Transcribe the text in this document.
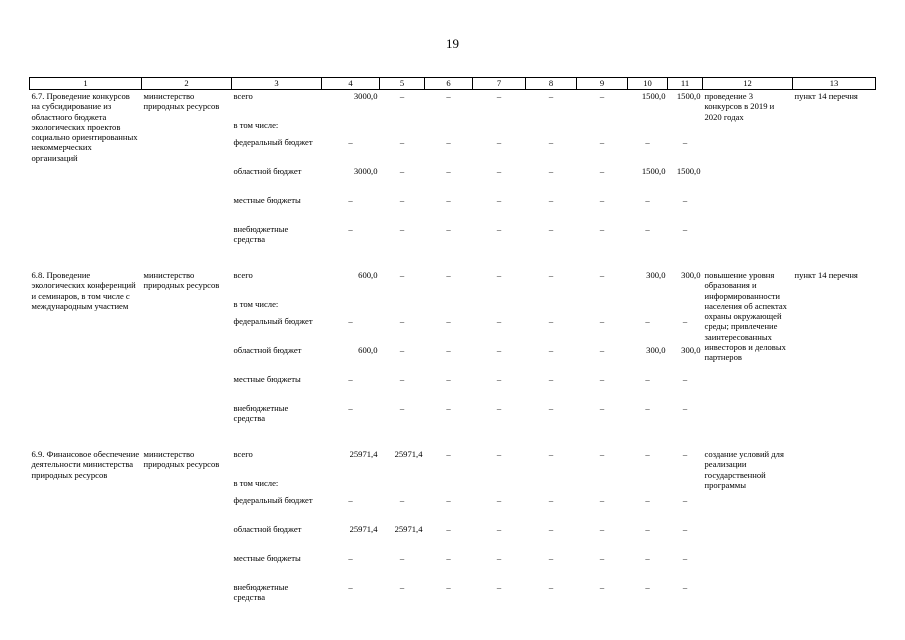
19
1	2	3	4	5	6	7	8	9	10	11	12	13
6.7. Проведение конкурсов на субсидирование из областного бюджета экологических проектов социально ориентированных некоммерческих организаций	министерство природных ресурсов	всего	3000,0	–	–	–	–	–	1500,0	1500,0	проведение 3 конкурсов в 2019 и 2020 годах	пункт 14 перечня
		в том числе:										
		федеральный бюджет	–	–	–	–	–	–	–	–		
		областной бюджет	3000,0	–	–	–	–	–	1500,0	1500,0		
		местные бюджеты	–	–	–	–	–	–	–	–		
		внебюджетные средства	–	–	–	–	–	–	–	–		

6.8. Проведение экологических конференций и семинаров, в том числе с международным участием	министерство природных ресурсов	всего	600,0	–	–	–	–	–	300,0	300,0	повышение уровня образования и информированности населения об аспектах охраны окружающей среды; привлечение заинтересованных инвесторов и деловых партнеров	пункт 14 перечня
		в том числе:										
		федеральный бюджет	–	–	–	–	–	–	–	–		
		областной бюджет	600,0	–	–	–	–	–	300,0	300,0		
		местные бюджеты	–	–	–	–	–	–	–	–		
		внебюджетные средства	–	–	–	–	–	–	–	–		

6.9. Финансовое обеспечение деятельности министерства природных ресурсов	министерство природных ресурсов	всего	25971,4	25971,4	–	–	–	–	–	–	создание условий для реализации государственной программы	
		в том числе:										
		федеральный бюджет	–	–	–	–	–	–	–	–		
		областной бюджет	25971,4	25971,4	–	–	–	–	–	–		
		местные бюджеты	–	–	–	–	–	–	–	–		
		внебюджетные средства	–	–	–	–	–	–	–	–		
